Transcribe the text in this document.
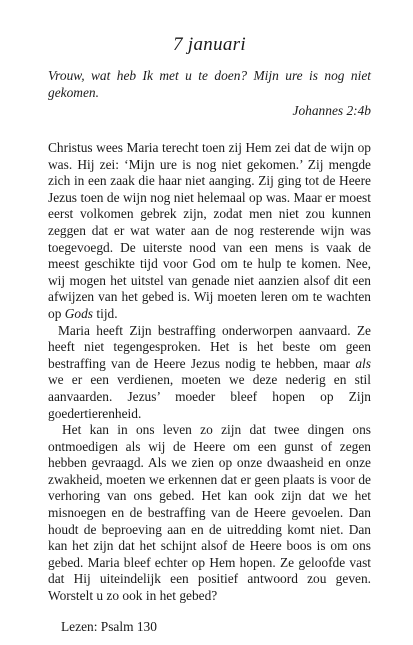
7 januari
Vrouw, wat heb Ik met u te doen? Mijn ure is nog niet gekomen.
Johannes 2:4b

Christus wees Maria terecht toen zij Hem zei dat de wijn op was. Hij zei: ‘Mijn ure is nog niet gekomen.’ Zij mengde zich in een zaak die haar niet aanging. Zij ging tot de Heere Jezus toen de wijn nog niet helemaal op was. Maar er moest eerst volkomen gebrek zijn, zodat men niet zou kunnen zeggen dat er wat water aan de nog resterende wijn was toegevoegd. De uiterste nood van een mens is vaak de meest geschikte tijd voor God om te hulp te komen. Nee, wij mogen het uitstel van genade niet aanzien alsof dit een afwijzen van het gebed is. Wij moeten leren om te wachten op Gods tijd.

Maria heeft Zijn bestraffing onderworpen aanvaard. Ze heeft niet tegengesproken. Het is het beste om geen bestraffing van de Heere Jezus nodig te hebben, maar als we er een verdienen, moeten we deze nederig en stil aanvaarden. Jezus’ moeder bleef hopen op Zijn goedertierenheid.

Het kan in ons leven zo zijn dat twee dingen ons ontmoedigen als wij de Heere om een gunst of zegen hebben gevraagd. Als we zien op onze dwaasheid en onze zwakheid, moeten we erkennen dat er geen plaats is voor de verhoring van ons gebed. Het kan ook zijn dat we het misnoegen en de bestraffing van de Heere gevoelen. Dan houdt de beproeving aan en de uitredding komt niet. Dan kan het zijn dat het schijnt alsof de Heere boos is om ons gebed. Maria bleef echter op Hem hopen. Ze geloofde vast dat Hij uiteindelijk een positief antwoord zou geven. Worstelt u zo ook in het gebed?

Lezen: Psalm 130
